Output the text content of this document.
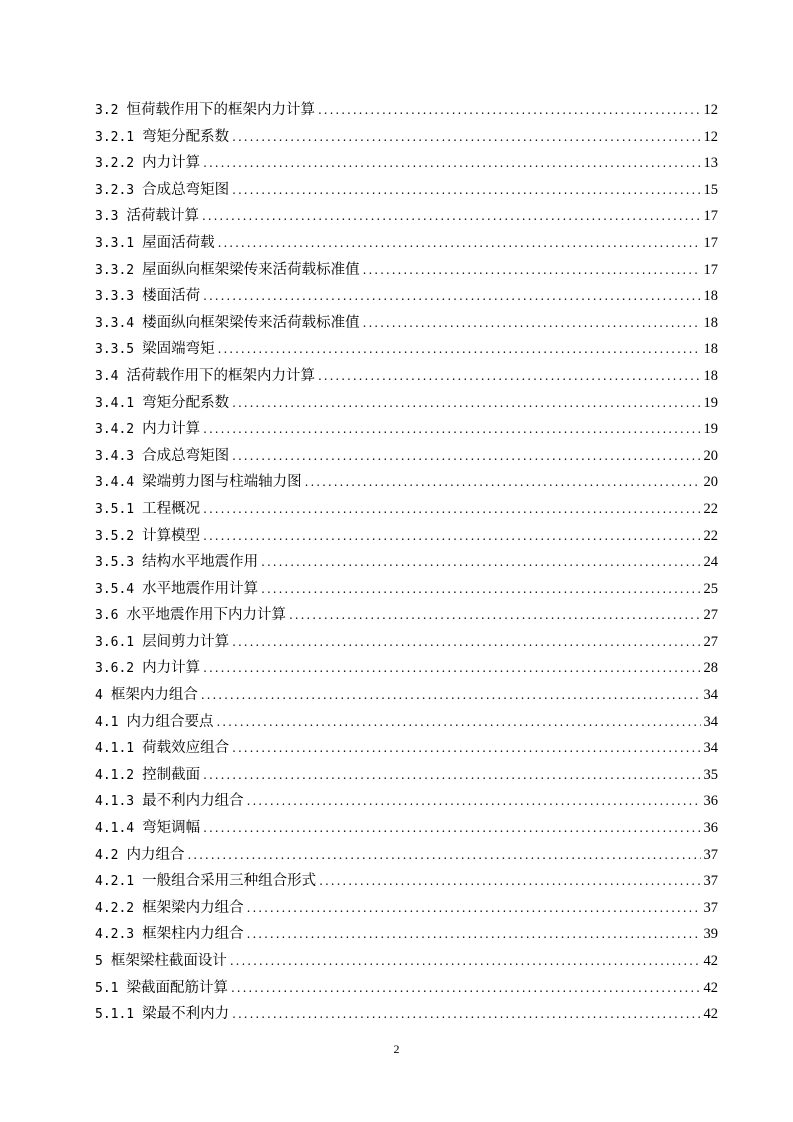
3.2 恒荷载作用下的框架内力计算 .....	12
3.2.1 弯矩分配系数 .....	12
3.2.2 内力计算 .....	13
3.2.3 合成总弯矩图 .....	15
3.3 活荷载计算 .....	17
3.3.1 屋面活荷载 .....	17
3.3.2 屋面纵向框架梁传来活荷载标准值 .....	17
3.3.3 楼面活荷 .....	18
3.3.4 楼面纵向框架梁传来活荷载标准值 .....	18
3.3.5 梁固端弯矩 .....	18
3.4 活荷载作用下的框架内力计算 .....	18
3.4.1 弯矩分配系数 .....	19
3.4.2 内力计算 .....	19
3.4.3 合成总弯矩图 .....	20
3.4.4 梁端剪力图与柱端轴力图 .....	20
3.5.1 工程概况 .....	22
3.5.2 计算模型 .....	22
3.5.3 结构水平地震作用 .....	24
3.5.4 水平地震作用计算 .....	25
3.6 水平地震作用下内力计算 .....	27
3.6.1 层间剪力计算 .....	27
3.6.2 内力计算 .....	28
4 框架内力组合 .....	34
4.1 内力组合要点 .....	34
4.1.1 荷载效应组合 .....	34
4.1.2 控制截面 .....	35
4.1.3 最不利内力组合 .....	36
4.1.4 弯矩调幅 .....	36
4.2 内力组合 .....	37
4.2.1 一般组合采用三种组合形式 .....	37
4.2.2 框架梁内力组合 .....	37
4.2.3 框架柱内力组合 .....	39
5 框架梁柱截面设计 .....	42
5.1 梁截面配筋计算 .....	42
5.1.1 梁最不利内力 .....	42
2
